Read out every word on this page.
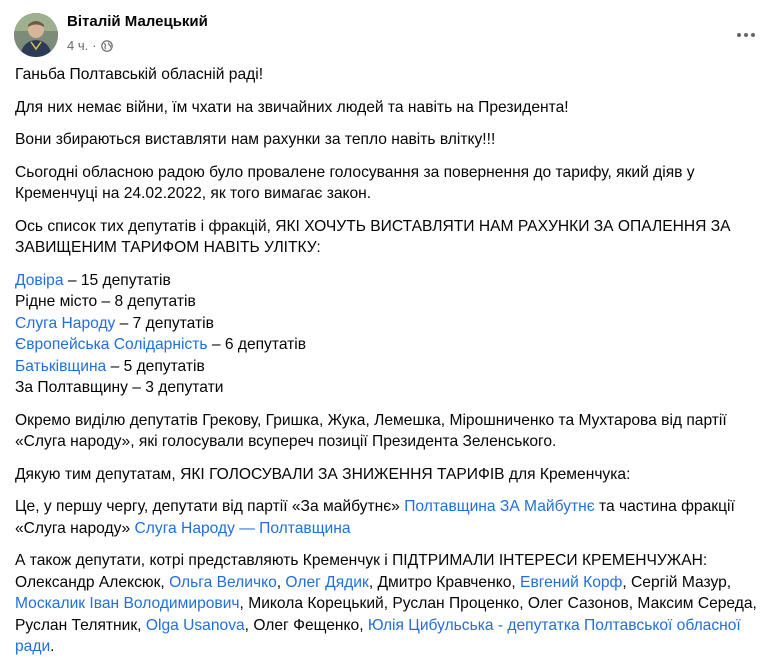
Віталій Малецький
4 ч. ·

Ганьба Полтавській обласній раді!

Для них немає війни, їм чхати на звичайних людей та навіть на Президента!

Вони збираються виставляти нам рахунки за тепло навіть влітку!!!

Сьогодні обласною радою було провалене голосування за повернення до тарифу, який діяв у Кременчуці на 24.02.2022, як того вимагає закон.

Ось список тих депутатів і фракцій, ЯКІ ХОЧУТЬ ВИСТАВЛЯТИ НАМ РАХУНКИ ЗА ОПАЛЕННЯ ЗА ЗАВИЩЕНИМ ТАРИФОМ НАВІТЬ УЛІТКУ:

Довіра – 15 депутатів
Рідне місто – 8 депутатів
Слуга Народу – 7 депутатів
Європейська Солідарність – 6 депутатів
Батьківщина – 5 депутатів
За Полтавщину – 3 депутати

Окремо виділю депутатів Грекову, Гришка, Жука, Лемешка, Мірошниченко та Мухтарова від партії «Слуга народу», які голосували всупереч позиції Президента Зеленського.

Дякую тим депутатам, ЯКІ ГОЛОСУВАЛИ ЗА ЗНИЖЕННЯ ТАРИФІВ для Кременчука:

Це, у першу чергу, депутати від партії «За майбутнє» Полтавщина ЗА Майбутнє та частина фракції «Слуга народу» Слуга Народу — Полтавщина

А також депутати, котрі представляють Кременчук і ПІДТРИМАЛИ ІНТЕРЕСИ КРЕМЕНЧУЖАН: Олександр Алексюк, Ольга Величко, Олег Дядик, Дмитро Кравченко, Евгений Корф, Сергій Мазур, Москалик Іван Володимирович, Микола Корецький, Руслан Проценко, Олег Сазонов, Максим Середа, Руслан Телятник, Olga Usanova, Олег Фещенко, Юлія Цибульська - депутатка Полтавської обласної ради.
